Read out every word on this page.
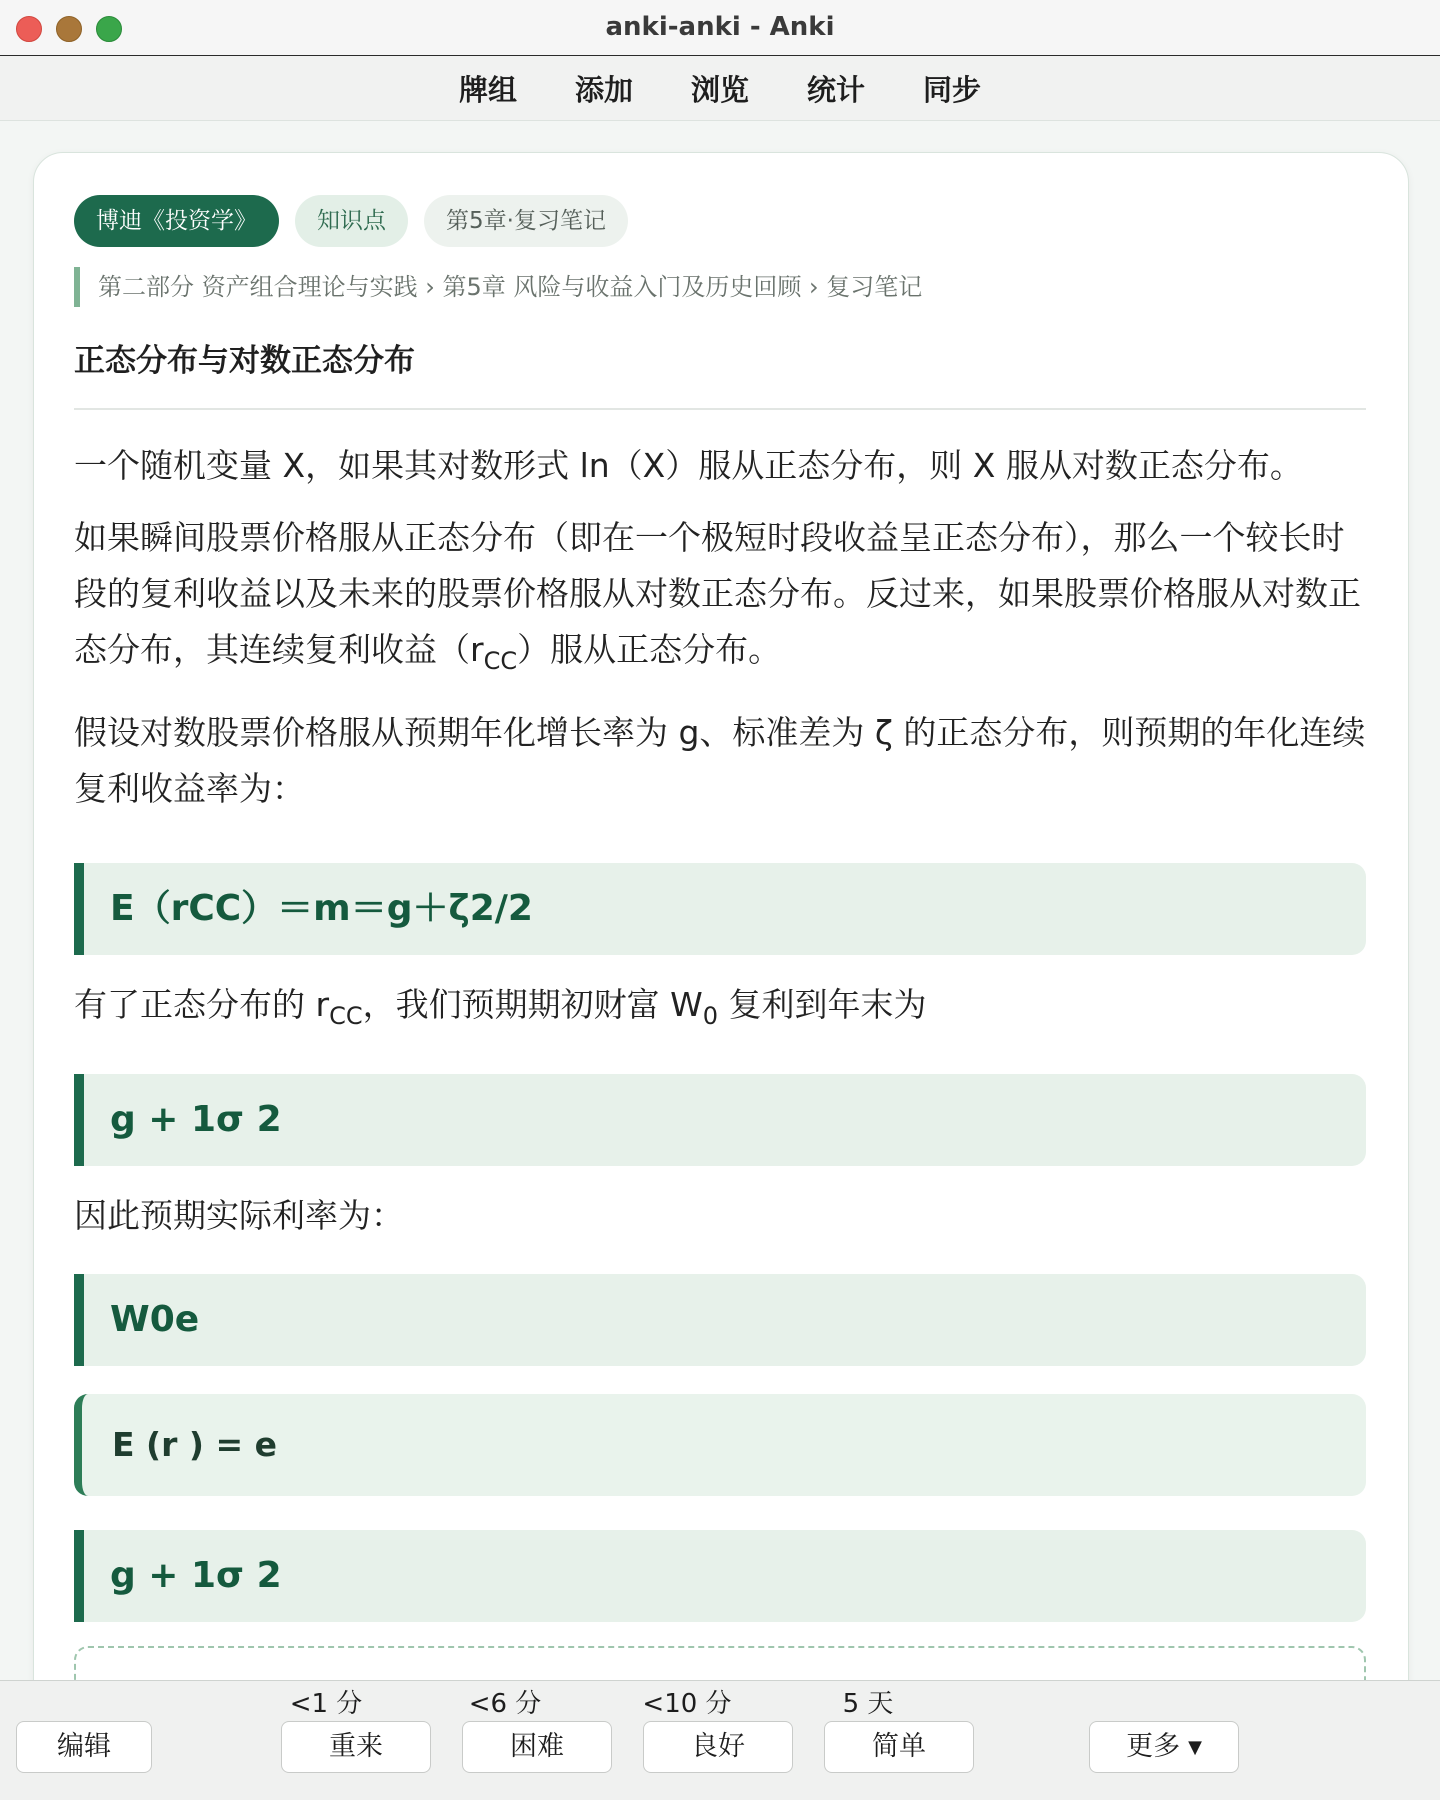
anki-anki - Anki
牌组	添加	浏览	统计	同步
博迪《投资学》	知识点	第5章·复习笔记
第二部分 资产组合理论与实践 › 第5章 风险与收益入门及历史回顾 › 复习笔记
正态分布与对数正态分布
一个随机变量 X，如果其对数形式 ln（X）服从正态分布，则 X 服从对数正态分布。
如果瞬间股票价格服从正态分布（即在一个极短时段收益呈正态分布），那么一个较长时段的复利收益以及未来的股票价格服从对数正态分布。反过来，如果股票价格服从对数正态分布，其连续复利收益$(r_{CC})$服从正态分布。
假设对数股票价格服从预期年化增长率为 g、标准差为 ζ 的正态分布，则预期的年化连续复利收益率为：
E（rCC）＝m＝g＋ζ2/2
有了正态分布的 $r_{CC}$，我们预期期初财富 $W_0$ 复利到年末为
g + 1σ 2
因此预期实际利率为：
W0e
E (r ) = e
g + 1σ 2
编辑
<1 分
重来
<6 分
困难
<10 分
良好
5 天
简单	更多 ▼
